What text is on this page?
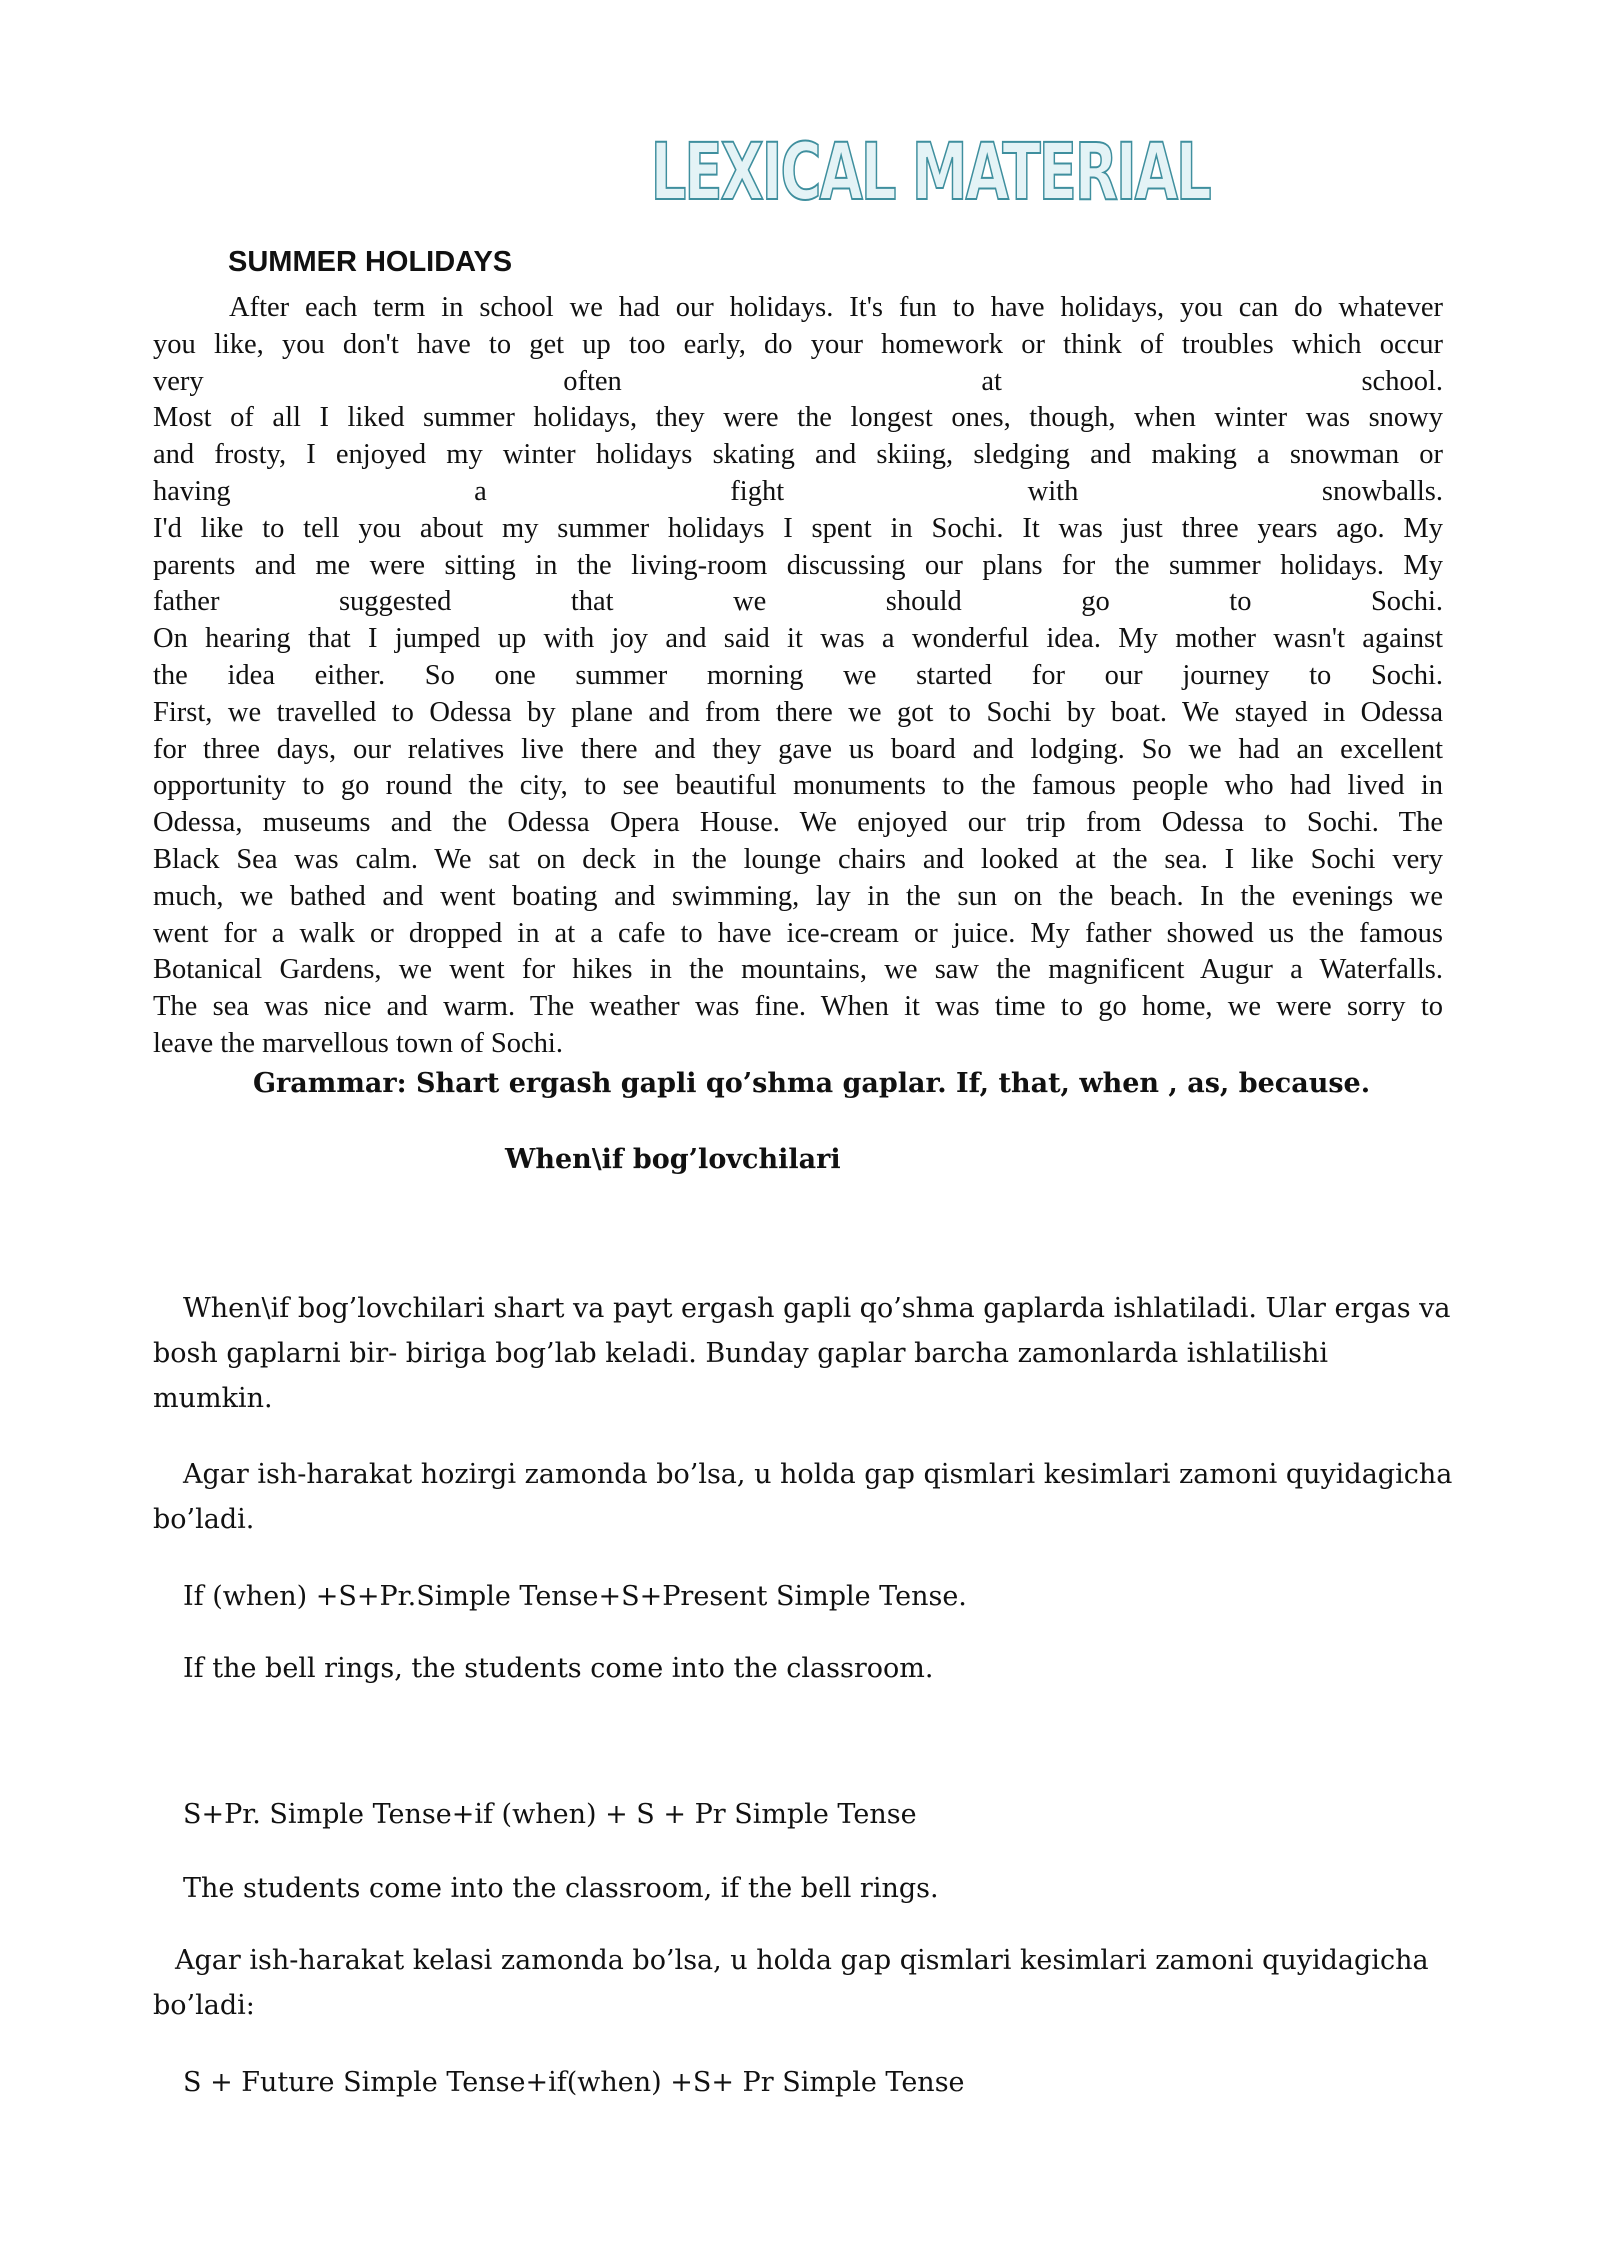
LEXICAL MATERIAL
SUMMER HOLIDAYS

After each term in school we had our holidays. It's fun to have holidays, you can do whatever

you like, you don't have to get up too early, do your homework or think of troubles which occur

very often at school.

Most of all I liked summer holidays, they were the longest ones, though, when winter was snowy

and frosty, I enjoyed my winter holidays skating and skiing, sledging and making a snowman or

having a fight with snowballs.

I'd like to tell you about my summer holidays I spent in Sochi. It was just three years ago. My

parents and me were sitting in the living-room discussing our plans for the summer holidays. My

father suggested that we should go to Sochi.

On hearing that I jumped up with joy and said it was a wonderful idea. My mother wasn't against

the idea either. So one summer morning we started for our journey to Sochi.

First, we travelled to Odessa by plane and from there we got to Sochi by boat. We stayed in Odessa

for three days, our relatives live there and they gave us board and lodging. So we had an excellent

opportunity to go round the city, to see beautiful monuments to the famous people who had lived in

Odessa, museums and the Odessa Opera House. We enjoyed our trip from Odessa to Sochi. The

Black Sea was calm. We sat on deck in the lounge chairs and looked at the sea. I like Sochi very

much, we bathed and went boating and swimming, lay in the sun on the beach. In the evenings we

went for a walk or dropped in at a cafe to have ice-cream or juice. My father showed us the famous

Botanical Gardens, we went for hikes in the mountains, we saw the magnificent Augur a Waterfalls.

The sea was nice and warm. The weather was fine. When it was time to go home, we were sorry to

leave the marvellous town of Sochi.

Grammar: Shart ergash gapli qo’shma gaplar. If, that, when , as, because.
When\if bog’lovchilari

When\if bog’lovchilari shart va payt ergash gapli qo’shma gaplarda ishlatiladi. Ular ergas va bosh gaplarni bir- biriga bog’lab keladi. Bunday gaplar barcha zamonlarda ishlatilishi mumkin.

Agar ish-harakat hozirgi zamonda bo’lsa, u holda gap qismlari kesimlari zamoni quyidagicha bo’ladi.

If (when) +S+Pr.Simple Tense+S+Present Simple Tense.

If the bell rings, the students come into the classroom.

S+Pr. Simple Tense+if (when) + S + Pr Simple Tense

The students come into the classroom, if the bell rings.

Agar ish-harakat kelasi zamonda bo’lsa, u holda gap qismlari kesimlari zamoni quyidagicha bo’ladi:

S + Future Simple Tense+if(when) +S+ Pr Simple Tense
